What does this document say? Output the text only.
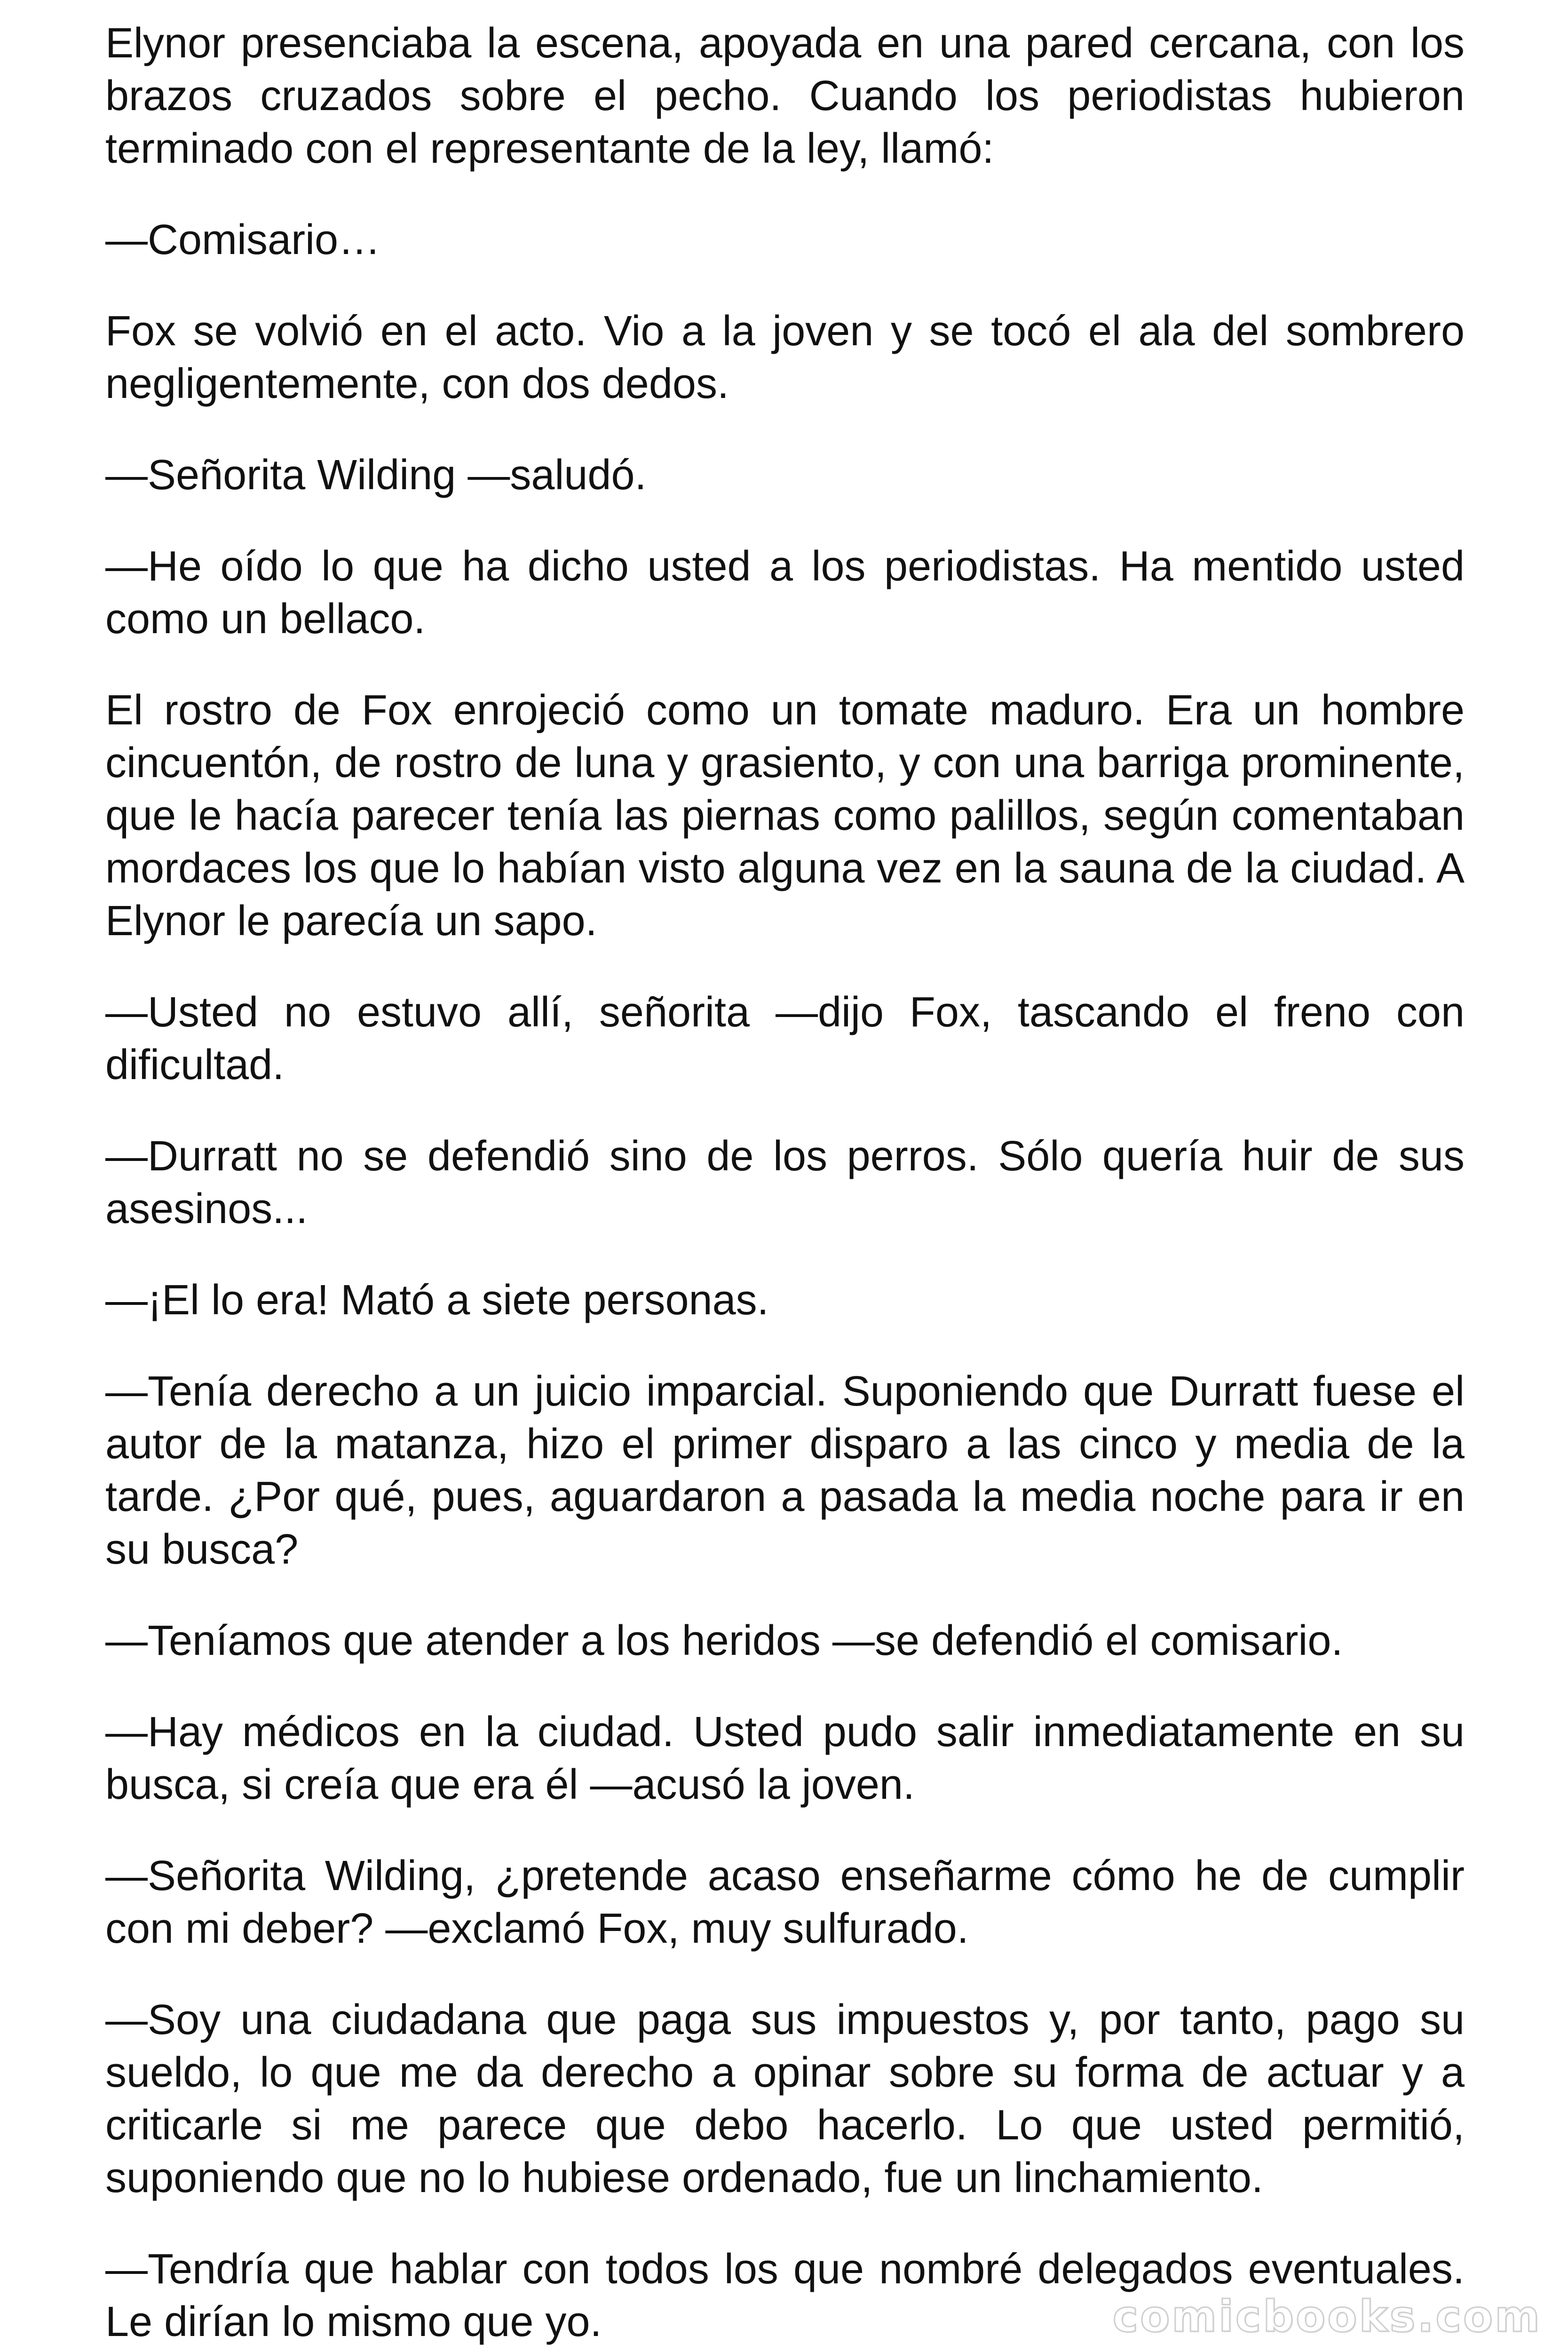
Elynor presenciaba la escena, apoyada en una pared cercana, con los brazos cruzados sobre el pecho. Cuando los periodistas hubieron terminado con el representante de la ley, llamó:

—Comisario…

Fox se volvió en el acto. Vio a la joven y se tocó el ala del sombrero negligentemente, con dos dedos.

—Señorita Wilding —saludó.

—He oído lo que ha dicho usted a los periodistas. Ha mentido usted como un bellaco.

El rostro de Fox enrojeció como un tomate maduro. Era un hombre cincuentón, de rostro de luna y grasiento, y con una barriga prominente, que le hacía parecer tenía las piernas como palillos, según comentaban mordaces los que lo habían visto alguna vez en la sauna de la ciudad. A Elynor le parecía un sapo.

—Usted no estuvo allí, señorita —dijo Fox, tascando el freno con dificultad.

—Durratt no se defendió sino de los perros. Sólo quería huir de sus asesinos...

—¡El lo era! Mató a siete personas.

—Tenía derecho a un juicio imparcial. Suponiendo que Durratt fuese el autor de la matanza, hizo el primer disparo a las cinco y media de la tarde. ¿Por qué, pues, aguardaron a pasada la media noche para ir en su busca?

—Teníamos que atender a los heridos —se defendió el comisario.

—Hay médicos en la ciudad. Usted pudo salir inmediatamente en su busca, si creía que era él —acusó la joven.

—Señorita Wilding, ¿pretende acaso enseñarme cómo he de cumplir con mi deber? —exclamó Fox, muy sulfurado.

—Soy una ciudadana que paga sus impuestos y, por tanto, pago su sueldo, lo que me da derecho a opinar sobre su forma de actuar y a criticarle si me parece que debo hacerlo. Lo que usted permitió, suponiendo que no lo hubiese ordenado, fue un linchamiento.

—Tendría que hablar con todos los que nombré delegados eventuales. Le dirían lo mismo que yo.	comicbooks.com
